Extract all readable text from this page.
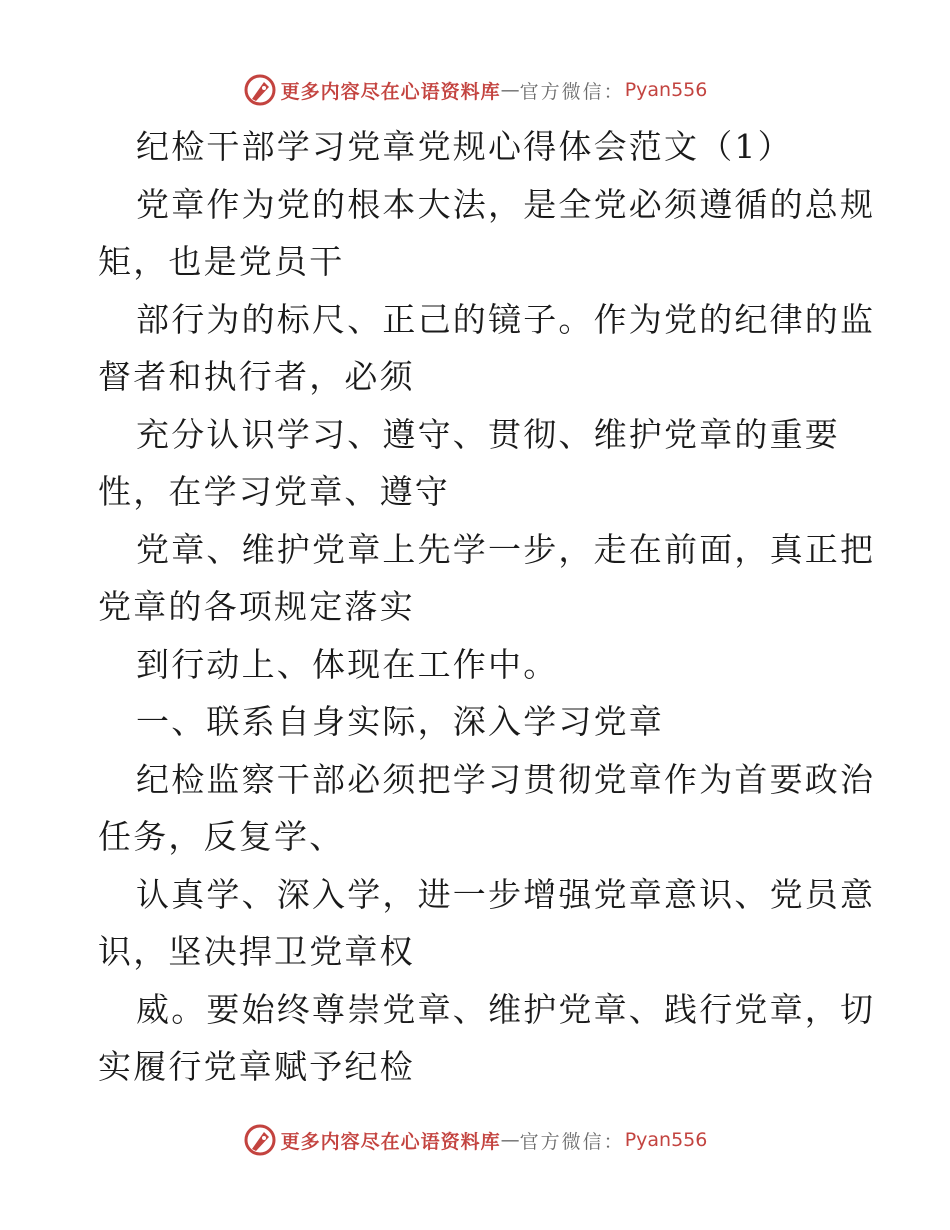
更多内容尽在心语资料库 — 官方微信： Pyan556
纪检干部学习党章党规心得体会范文（1）
党章作为党的根本大法，是全党必须遵循的总规
矩，也是党员干
部行为的标尺、正己的镜子。作为党的纪律的监
督者和执行者，必须
充分认识学习、遵守、贯彻、维护党章的重要
性，在学习党章、遵守
党章、维护党章上先学一步，走在前面，真正把
党章的各项规定落实
到行动上、体现在工作中。
一、联系自身实际，深入学习党章
纪检监察干部必须把学习贯彻党章作为首要政治
任务，反复学、
认真学、深入学，进一步增强党章意识、党员意
识，坚决捍卫党章权
威。要始终尊崇党章、维护党章、践行党章，切
实履行党章赋予纪检
更多内容尽在心语资料库 — 官方微信： Pyan556
